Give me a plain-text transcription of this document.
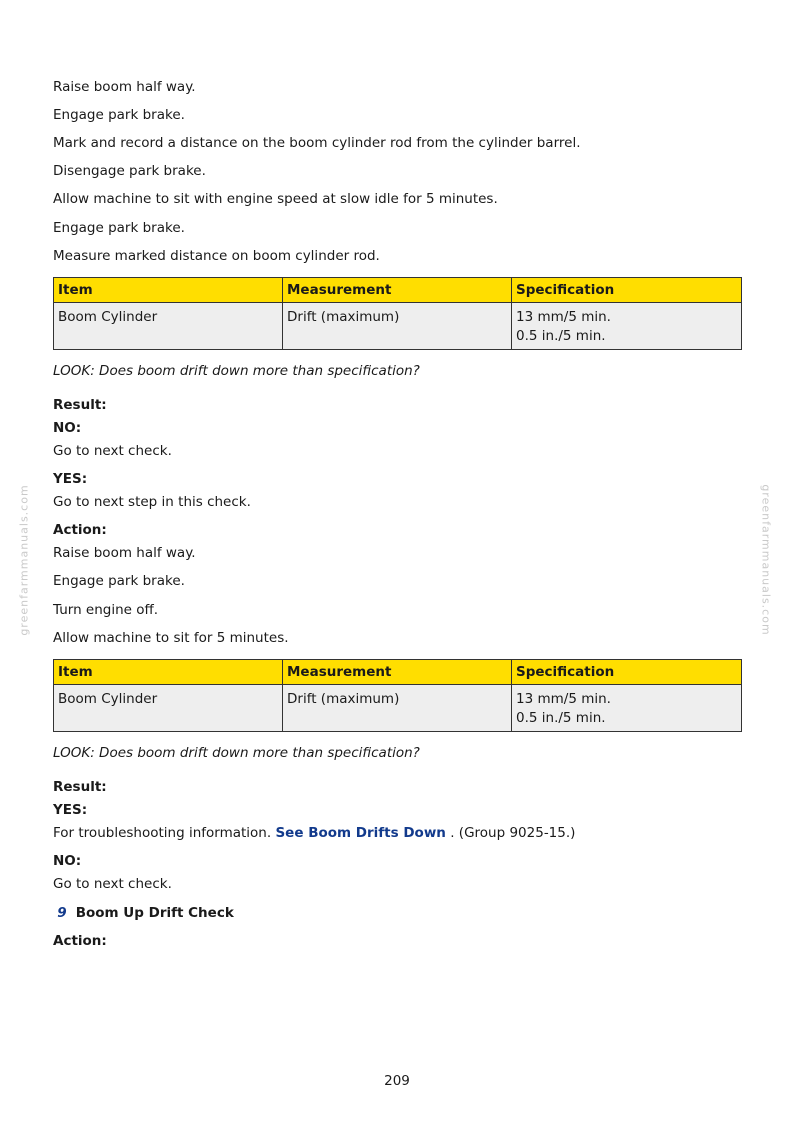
greenfarmmanuals.com	greenfarmmanuals.com
Raise boom half way.
Engage park brake.
Mark and record a distance on the boom cylinder rod from the cylinder barrel.
Disengage park brake.
Allow machine to sit with engine speed at slow idle for 5 minutes.
Engage park brake.
Measure marked distance on boom cylinder rod.
Item	Measurement	Specification
Boom Cylinder	Drift (maximum)	13 mm/5 min.
0.5 in./5 min.
LOOK: Does boom drift down more than specification?
Result:
NO:
Go to next check.
YES:
Go to next step in this check.
Action:
Raise boom half way.
Engage park brake.
Turn engine off.
Allow machine to sit for 5 minutes.
Item	Measurement	Specification
Boom Cylinder	Drift (maximum)	13 mm/5 min.
0.5 in./5 min.
LOOK: Does boom drift down more than specification?
Result:
YES:
For troubleshooting information. See Boom Drifts Down . (Group 9025-15.)
NO:
Go to next check.
9 Boom Up Drift Check
Action:
209
